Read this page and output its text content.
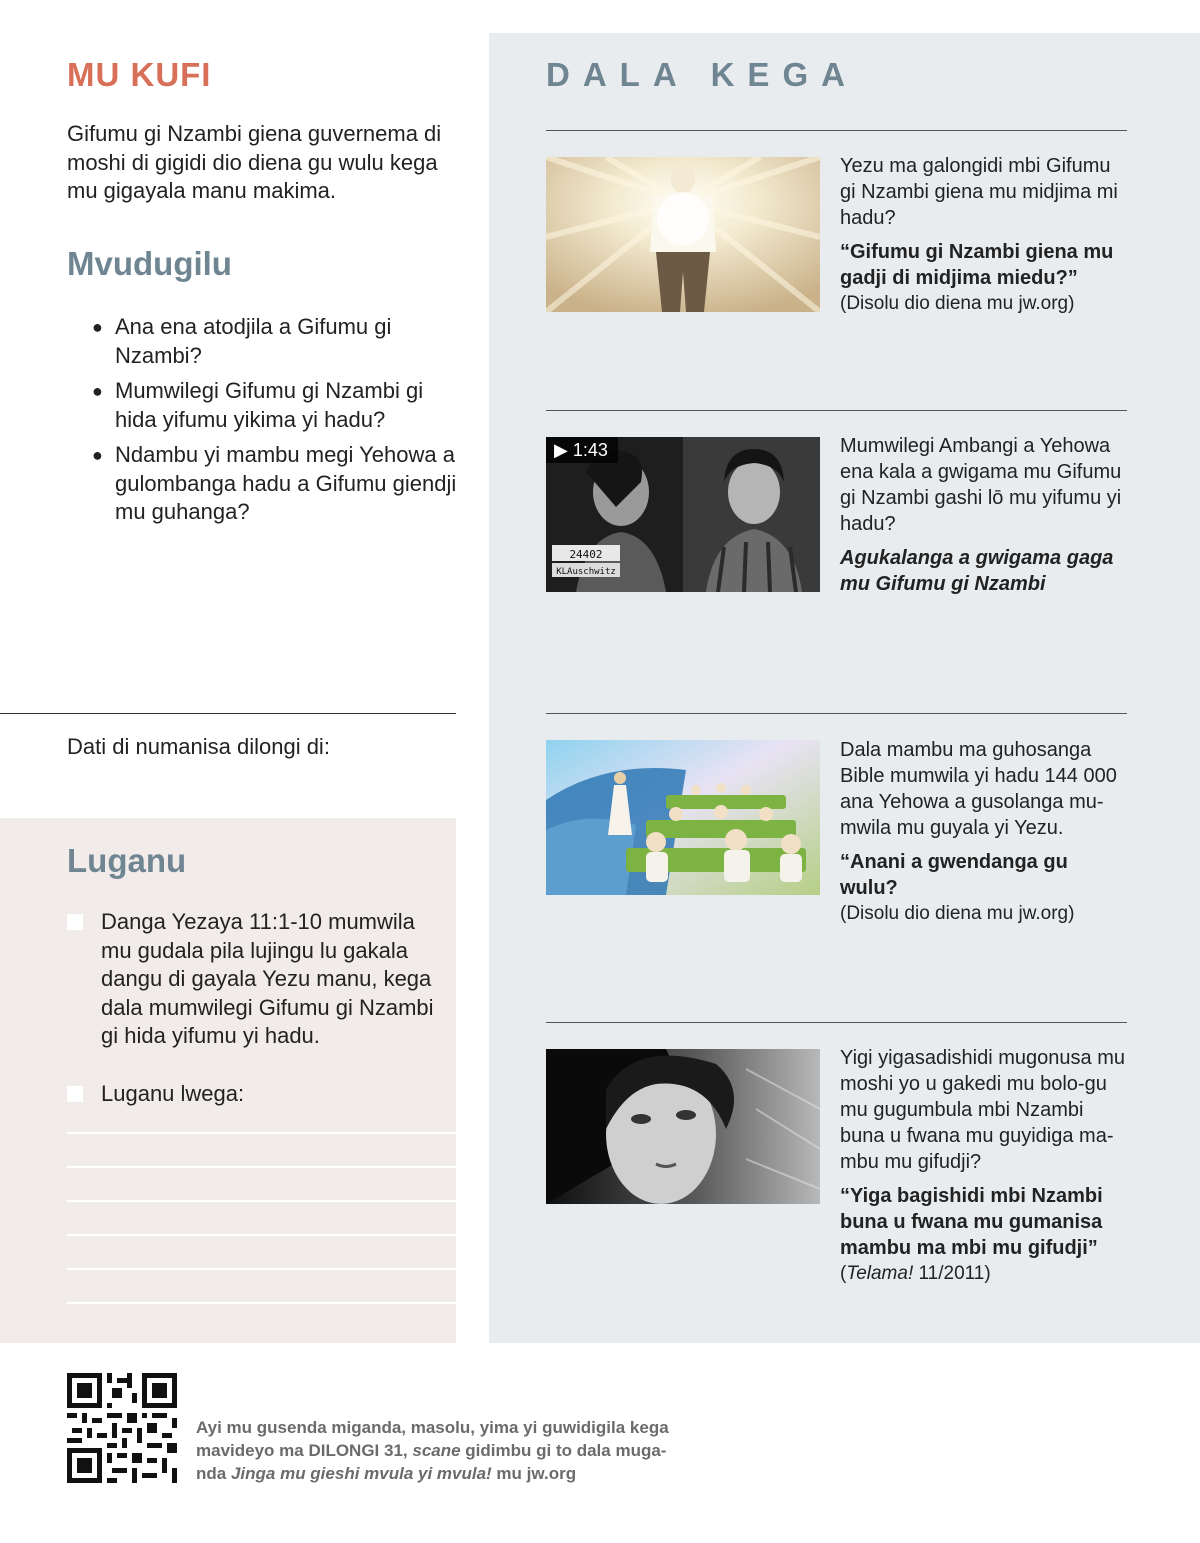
MU KUFI
Gifumu gi Nzambi giena guvernema di moshi di gigidi dio diena gu wulu kega mu gigayala manu makima.
Mvudugilu
● Ana ena atodjila a Gifumu gi Nzambi?
● Mumwilegi Gifumu gi Nzambi gi hida yifumu yikima yi hadu?
● Ndambu yi mambu megi Yehowa a gulombanga hadu a Gifumu giendji mu guhanga?
Dati di numanisa dilongi di:
Luganu
Danga Yezaya 11:1-10 mumwila mu gudala pila lujingu lu gakala dangu di gayala Yezu manu, kega dala mumwilegi Gifumu gi Nzambi gi hida yifumu yi hadu.
Luganu lwega:
DALA KEGA
Yezu ma galongidi mbi Gifumu gi Nzambi giena mu midjima mi hadu?
“Gifumu gi Nzambi giena mu gadji di midjima miedu?”
(Disolu dio diena mu jw.org)
24402
KLAuschwitz
▶ 1:43	Mumwilegi Ambangi a Yehowa ena kala a gwigama mu Gifumu gi Nzambi gashi lō mu yifumu yi hadu?
Agukalanga a gwigama gaga mu Gifumu gi Nzambi
Dala mambu ma guhosanga Bible mumwila yi hadu 144 000 ana Yehowa a gusolanga mu-mwila mu guyala yi Yezu.
“Anani a gwendanga gu wulu?
(Disolu dio diena mu jw.org)
Yigi yigasadishidi mugonusa mu moshi yo u gakedi mu bolo-gu mu gugumbula mbi Nzambi buna u fwana mu guyidiga ma-mbu mu gifudji?
“Yiga bagishidi mbi Nzambi buna u fwana mu gumanisa mambu ma mbi mu gifudji”
(Telama! 11/2011)
Ayi mu gusenda miganda, masolu, yima yi guwidigila kega mavideyo ma DILONGI 31, scane gidimbu gi to dala muga-nda Jinga mu gieshi mvula yi mvula! mu jw.org
